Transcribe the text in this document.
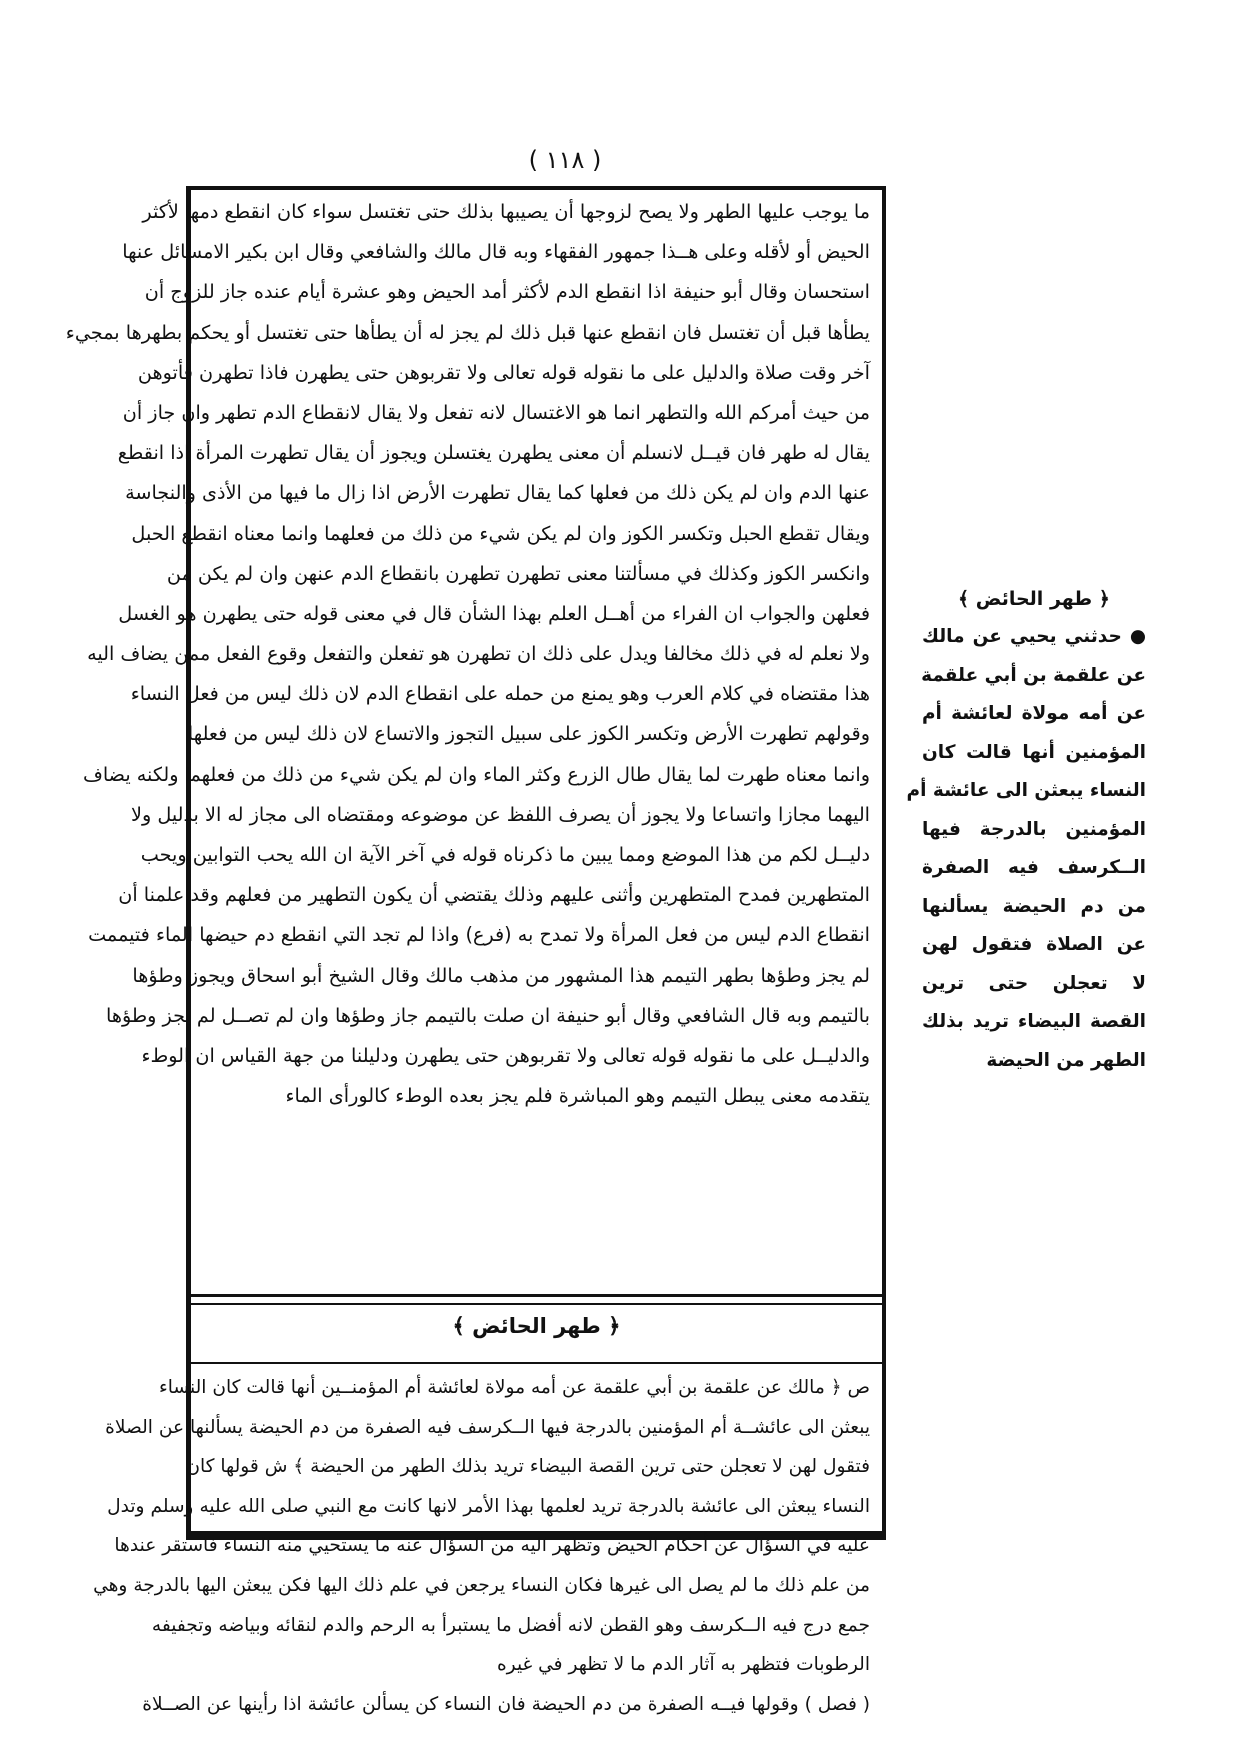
( ١١٨ )

ما يوجب عليها الطهر ولا يصح لزوجها أن يصيبها بذلك حتى تغتسل سواء كان انقطع دمها لأكثر

الحيض أو لأقله وعلى هــذا جمهور الفقهاء وبه قال مالك والشافعي وقال ابن بكير الامسائل عنها

استحسان وقال أبو حنيفة اذا انقطع الدم لأكثر أمد الحيض وهو عشرة أيام عنده جاز للزوج أن

يطأها قبل أن تغتسل فان انقطع عنها قبل ذلك لم يجز له أن يطأها حتى تغتسل أو يحكم بطهرها بمجيء

آخر وقت صلاة والدليل على ما نقوله قوله تعالى ولا تقربوهن حتى يطهرن فاذا تطهرن فأتوهن

من حيث أمركم الله والتطهر انما هو الاغتسال لانه تفعل ولا يقال لانقطاع الدم تطهر وان جاز أن

يقال له طهر فان قيــل لانسلم أن معنى يطهرن يغتسلن ويجوز أن يقال تطهرت المرأة اذا انقطع

عنها الدم وان لم يكن ذلك من فعلها كما يقال تطهرت الأرض اذا زال ما فيها من الأذى والنجاسة

ويقال تقطع الحبل وتكسر الكوز وان لم يكن شيء من ذلك من فعلهما وانما معناه انقطع الحبل

وانكسر الكوز وكذلك في مسألتنا معنى تطهرن تطهرن بانقطاع الدم عنهن وان لم يكن من

فعلهن والجواب ان الفراء من أهــل العلم بهذا الشأن قال في معنى قوله حتى يطهرن هو الغسل

ولا نعلم له في ذلك مخالفا ويدل على ذلك ان تطهرن هو تفعلن والتفعل وقوع الفعل ممن يضاف اليه

هذا مقتضاه في كلام العرب وهو يمنع من حمله على انقطاع الدم لان ذلك ليس من فعل النساء

وقولهم تطهرت الأرض وتكسر الكوز على سبيل التجوز والاتساع لان ذلك ليس من فعلها

وانما معناه طهرت لما يقال طال الزرع وكثر الماء وان لم يكن شيء من ذلك من فعلهما ولكنه يضاف

اليهما مجازا واتساعا ولا يجوز أن يصرف اللفظ عن موضوعه ومقتضاه الى مجاز له الا بدليل ولا

دليــل لكم من هذا الموضع ومما يبين ما ذكرناه قوله في آخر الآية ان الله يحب التوابين ويحب

المتطهرين فمدح المتطهرين وأثنى عليهم وذلك يقتضي أن يكون التطهير من فعلهم وقد علمنا أن

انقطاع الدم ليس من فعل المرأة ولا تمدح به (فرع) واذا لم تجد التي انقطع دم حيضها الماء فتيممت

لم يجز وطؤها بطهر التيمم هذا المشهور من مذهب مالك وقال الشيخ أبو اسحاق ويجوز وطؤها

بالتيمم وبه قال الشافعي وقال أبو حنيفة ان صلت بالتيمم جاز وطؤها وان لم تصــل لم يجز وطؤها

والدليــل على ما نقوله قوله تعالى ولا تقربوهن حتى يطهرن ودليلنا من جهة القياس ان الوطء

يتقدمه معنى يبطل التيمم وهو المباشرة فلم يجز بعده الوطء كالورأى الماء

﴿ طهر الحائض ﴾

ص ﴿ مالك عن علقمة بن أبي علقمة عن أمه مولاة لعائشة أم المؤمنــين أنها قالت كان النساء

يبعثن الى عائشــة أم المؤمنين بالدرجة فيها الــكرسف فيه الصفرة من دم الحيضة يسألنها عن الصلاة

فتقول لهن لا تعجلن حتى ترين القصة البيضاء تريد بذلك الطهر من الحيضة ﴾ ش قولها كان

النساء يبعثن الى عائشة بالدرجة تريد لعلمها بهذا الأمر لانها كانت مع النبي صلى الله عليه وسلم وتدل

عليه في السؤال عن أحكام الحيض وتظهر اليه من السؤال عنه ما يستحيي منه النساء فاستقر عندها

من علم ذلك ما لم يصل الى غيرها فكان النساء يرجعن في علم ذلك اليها فكن يبعثن اليها بالدرجة وهي

جمع درج فيه الــكرسف وهو القطن لانه أفضل ما يستبرأ به الرحم والدم لنقائه وبياضه وتجفيفه

الرطوبات فتظهر به آثار الدم ما لا تظهر في غيره

( فصل ) وقولها فيــه الصفرة من دم الحيضة فان النساء كن يسألن عائشة اذا رأينها عن الصــلاة

﴿ طهر الحائض ﴾

● حدثني يحيي عن مالك

عن علقمة بن أبي علقمة

عن أمه مولاة لعائشة أم

المؤمنين أنها قالت كان

النساء يبعثن الى عائشة أم

المؤمنين بالدرجة فيها

الــكرسف فيه الصفرة

من دم الحيضة يسألنها

عن الصلاة فتقول لهن

لا تعجلن حتى ترين

القصة البيضاء تريد بذلك

الطهر من الحيضة
